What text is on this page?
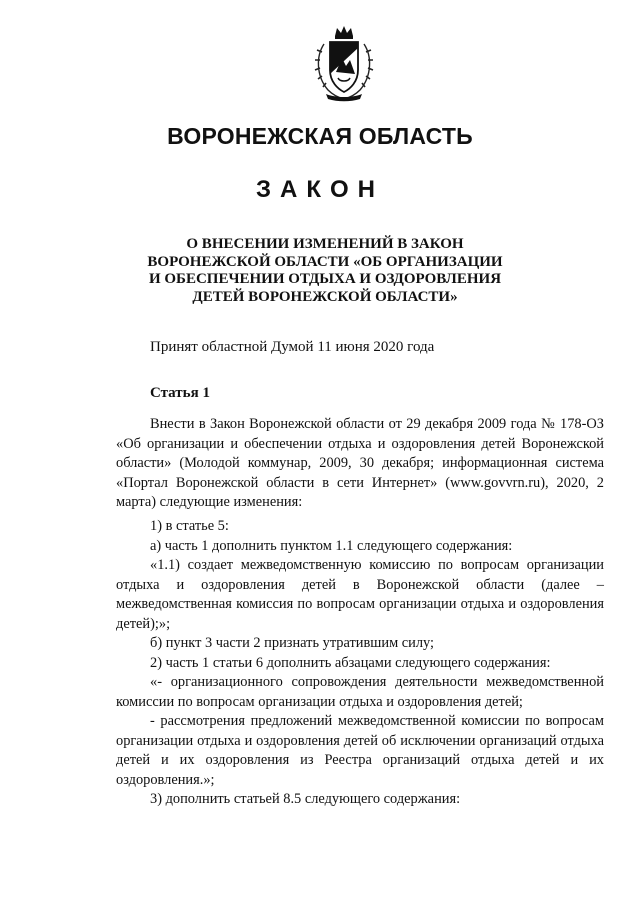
ВОРОНЕЖСКАЯ ОБЛАСТЬ
ЗАКОН
О ВНЕСЕНИИ ИЗМЕНЕНИЙ В ЗАКОН
ВОРОНЕЖСКОЙ ОБЛАСТИ «ОБ ОРГАНИЗАЦИИ
И ОБЕСПЕЧЕНИИ ОТДЫХА И ОЗДОРОВЛЕНИЯ
ДЕТЕЙ ВОРОНЕЖСКОЙ ОБЛАСТИ»
Принят областной Думой 11 июня 2020 года
Статья 1

Внести в Закон Воронежской области от 29 декабря 2009 года № 178-ОЗ «Об организации и обеспечении отдыха и оздоровления детей Воронежской области» (Молодой коммунар, 2009, 30 декабря; информационная система «Портал Воронежской области в сети Интернет» (www.govvrn.ru), 2020, 2 марта) следующие изменения:

1) в статье 5:

а) часть 1 дополнить пунктом 1.1 следующего содержания:

«1.1) создает межведомственную комиссию по вопросам организации отдыха и оздоровления детей в Воронежской области (далее – межведомственная комиссия по вопросам организации отдыха и оздоровления детей);»;

б) пункт 3 части 2 признать утратившим силу;

2) часть 1 статьи 6 дополнить абзацами следующего содержания:

«- организационного сопровождения деятельности межведомственной комиссии по вопросам организации отдыха и оздоровления детей;

- рассмотрения предложений межведомственной комиссии по вопросам организации отдыха и оздоровления детей об исключении организаций отдыха детей и их оздоровления из Реестра организаций отдыха детей и их оздоровления.»;

3) дополнить статьей 8.5 следующего содержания:
